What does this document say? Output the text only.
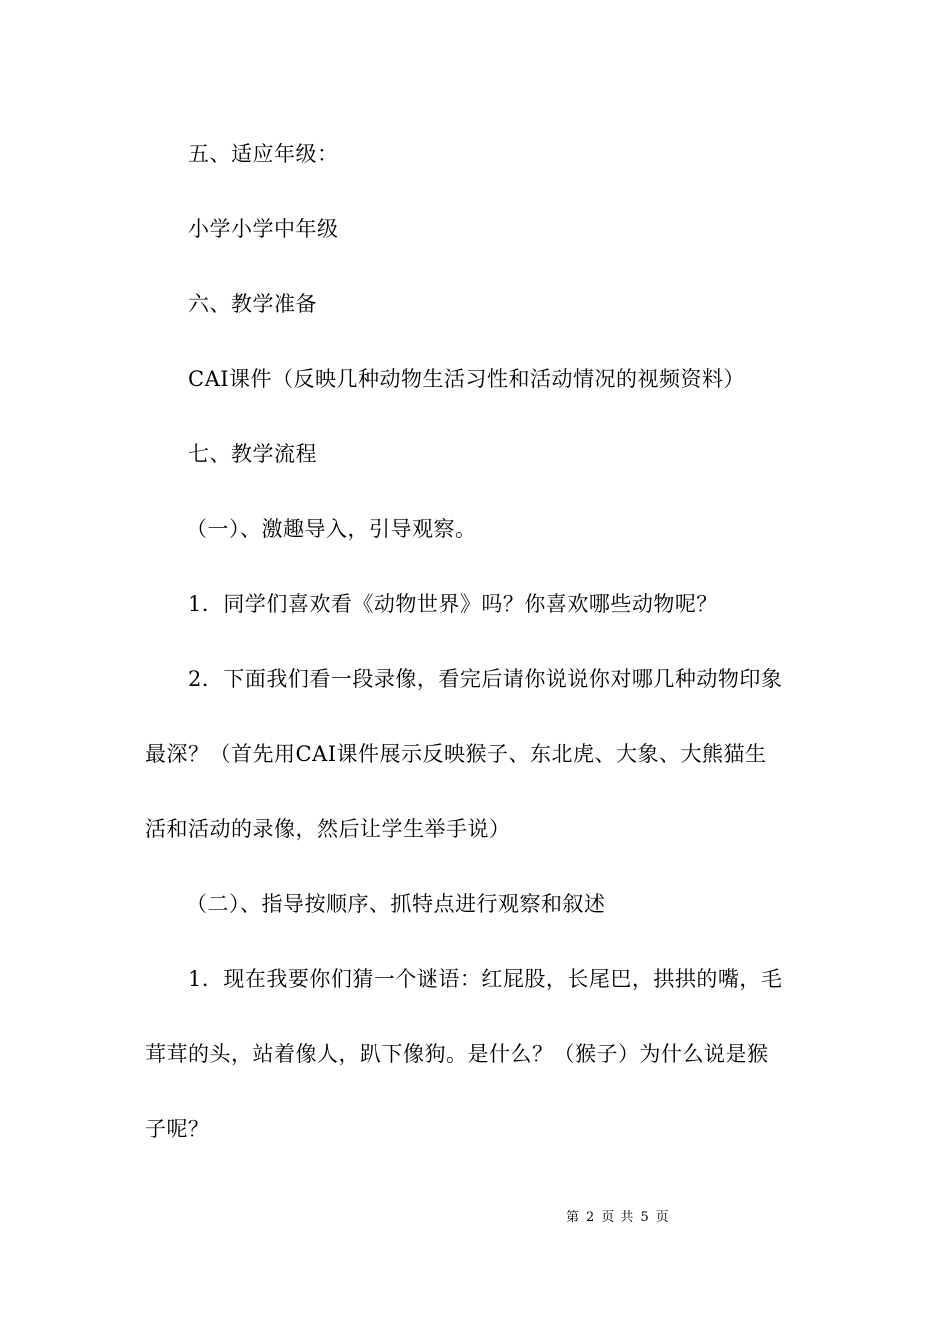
五、适应年级：
小学小学中年级
六、教学准备
CAI课件（反映几种动物生活习性和活动情况的视频资料）
七、教学流程
（一）、激趣导入，引导观察。
1．同学们喜欢看《动物世界》吗？你喜欢哪些动物呢？
2．下面我们看一段录像，看完后请你说说你对哪几种动物印象
最深？（首先用CAI课件展示反映猴子、东北虎、大象、大熊猫生
活和活动的录像，然后让学生举手说）
（二）、指导按顺序、抓特点进行观察和叙述
1．现在我要你们猜一个谜语：红屁股，长尾巴，拱拱的嘴，毛
茸茸的头，站着像人，趴下像狗。是什么？（猴子）为什么说是猴
子呢？
第 2 页 共 5 页
